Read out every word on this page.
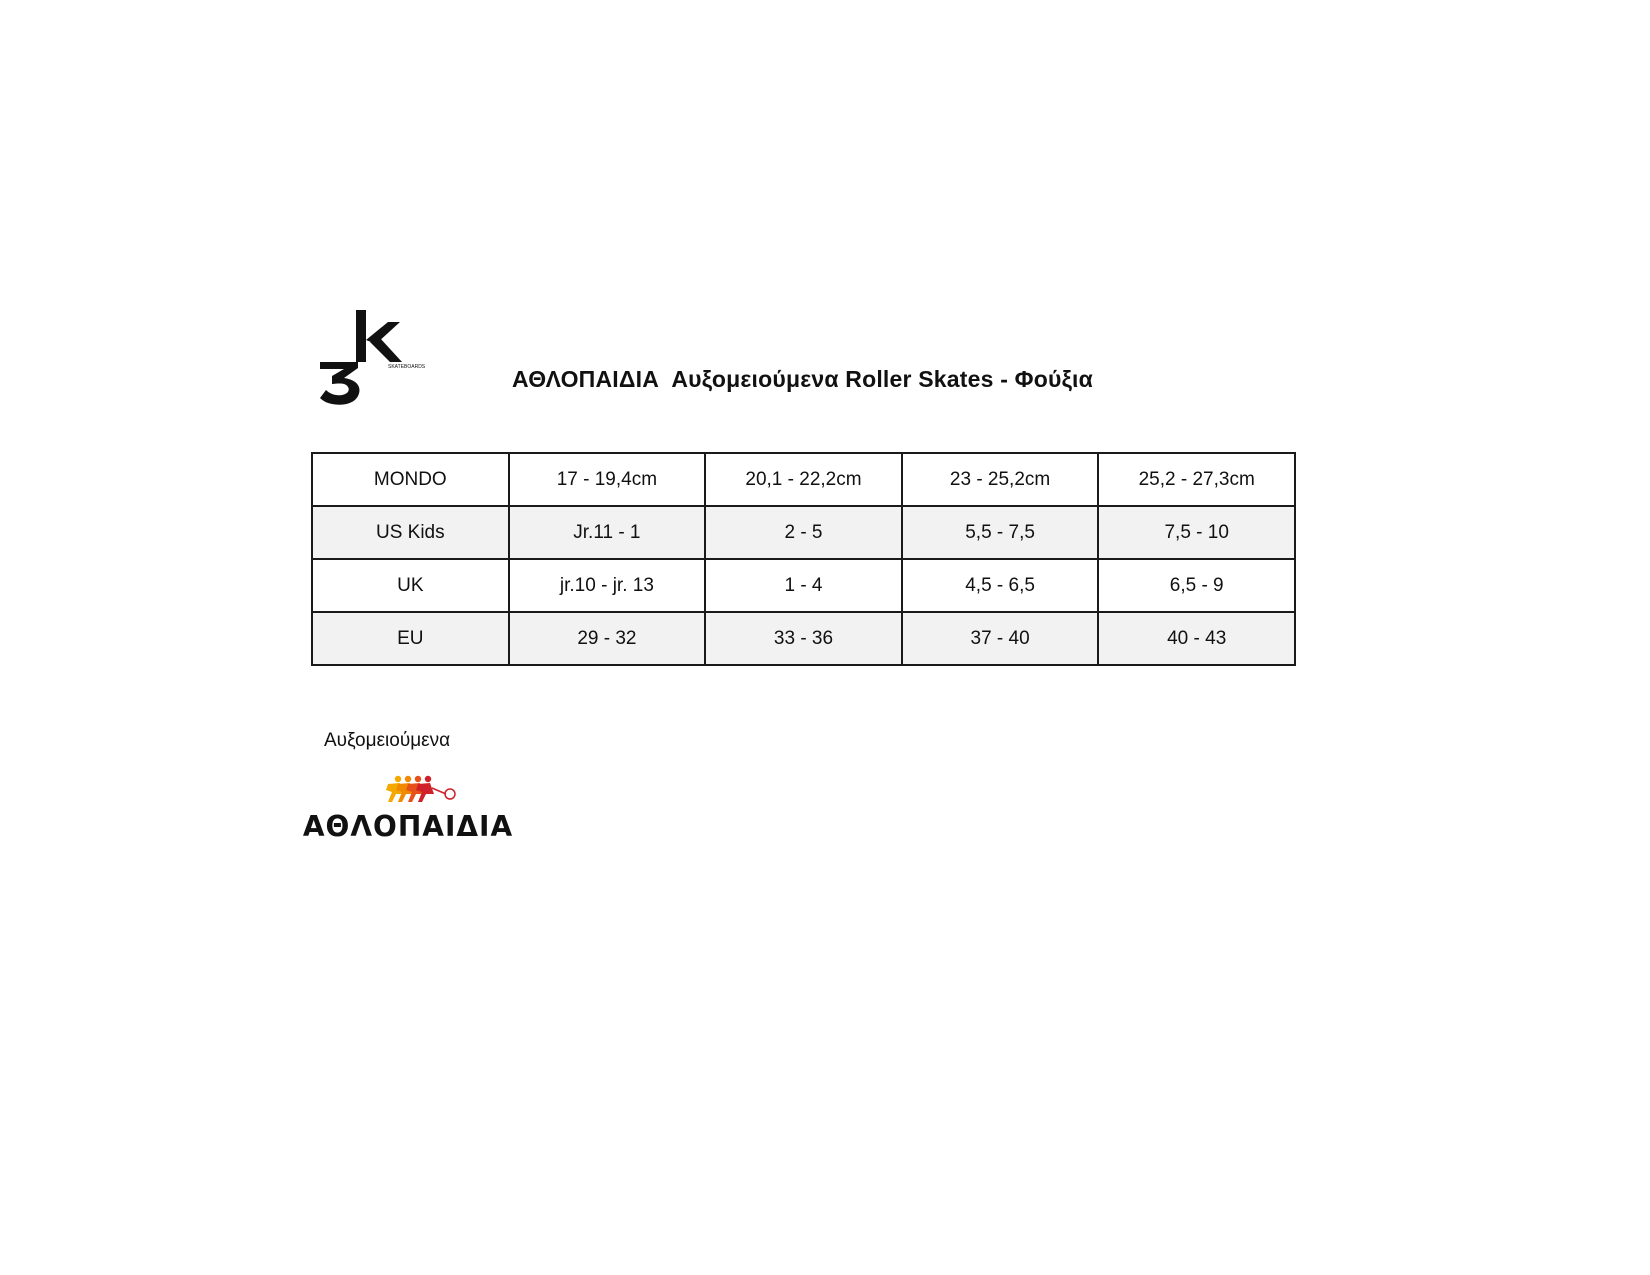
SKATEBOARDS	ΑΘΛΟΠΑΙΔΙΑ  Αυξομειούμενα Roller Skates - Φούξια
MONDO	17 - 19,4cm	20,1 - 22,2cm	23 - 25,2cm	25,2 - 27,3cm
US Kids	Jr.11 - 1	2 - 5	5,5 - 7,5	7,5 - 10
UK	jr.10 - jr. 13	1 - 4	4,5 - 6,5	6,5 - 9
EU	29 - 32	33 - 36	37 - 40	40 - 43
Αυξομειούμενα
ΑΘΛΟΠΑΙΔΙΑ
